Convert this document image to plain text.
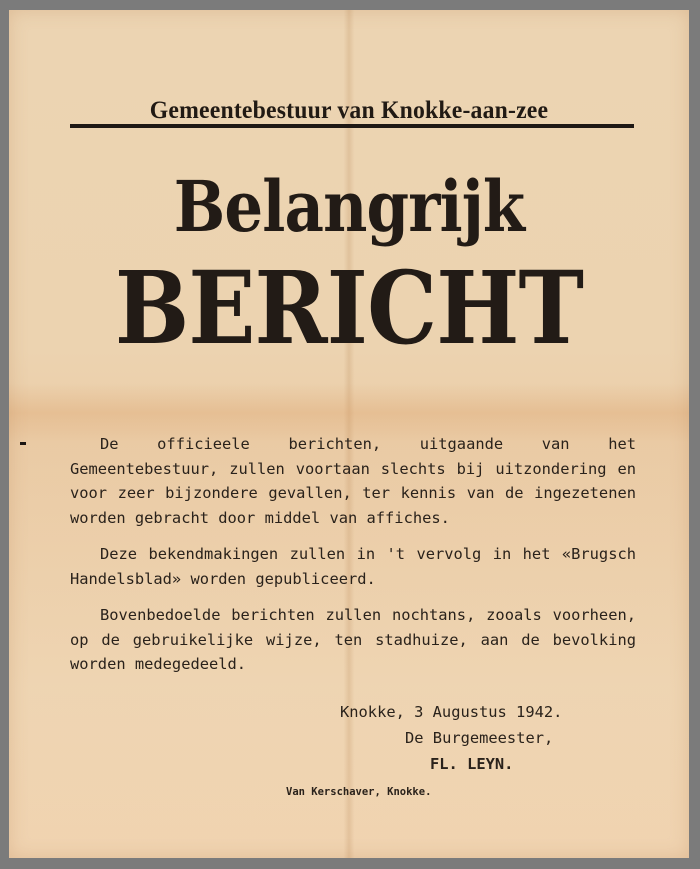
Gemeentebestuur van Knokke-aan-zee
Belangrijk
BERICHT

De officieele berichten, uitgaande van het Gemeentebestuur, zullen voortaan slechts bij uitzondering en voor zeer bijzondere gevallen, ter kennis van de ingezetenen worden gebracht door middel van affiches.

Deze bekendmakingen zullen in 't vervolg in het «Brugsch Handelsblad» worden gepubliceerd.

Bovenbedoelde berichten zullen nochtans, zooals voorheen, op de gebruikelijke wijze, ten stadhuize, aan de bevolking worden medegedeeld.

Knokke, 3 Augustus 1942.
De Burgemeester,
FL. LEYN.
Van Kerschaver, Knokke.
